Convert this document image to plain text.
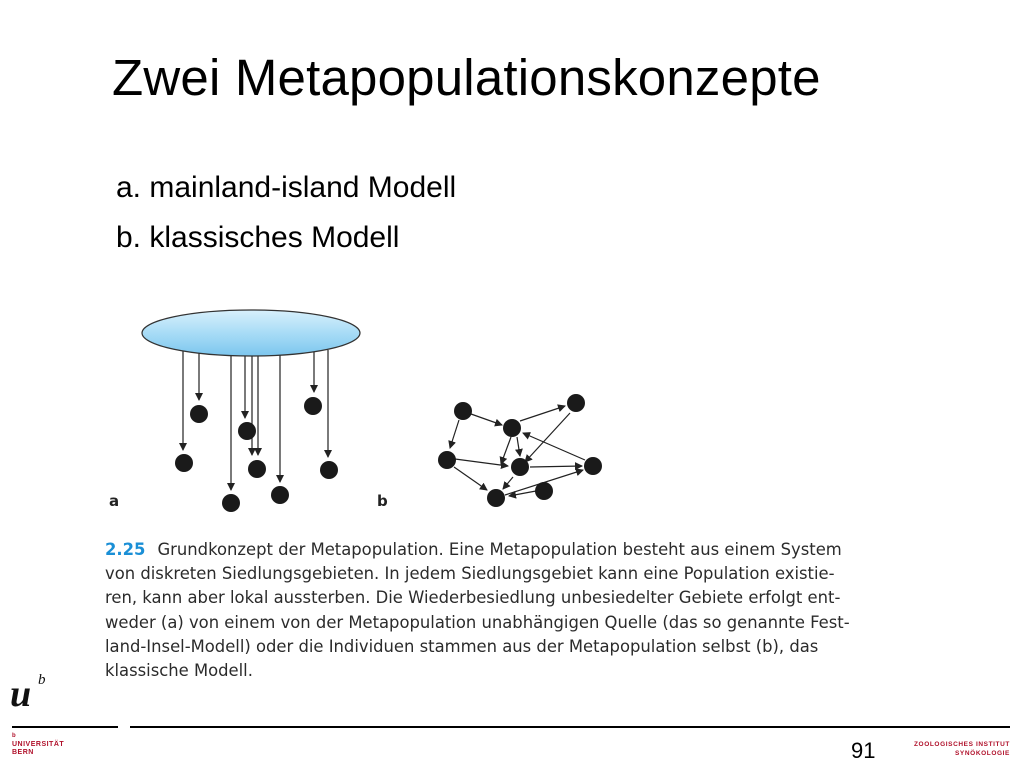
Zwei Metapopulationskonzepte
a. mainland-island Modell
b. klassisches Modell
a	b
2.25 Grundkonzept der Metapopulation. Eine Metapopulation besteht aus einem System
von diskreten Siedlungsgebieten. In jedem Siedlungsgebiet kann eine Population existie-
ren, kann aber lokal aussterben. Die Wiederbesiedlung unbesiedelter Gebiete erfolgt ent-
weder (a) von einem von der Metapopulation unabhängigen Quelle (das so genannte Fest-
land-Insel-Modell) oder die Individuen stammen aus der Metapopulation selbst (b), das
klassische Modell.
u b
b
UNIVERSITÄT
BERN	91	ZOOLOGISCHES INSTITUT
SYNÖKOLOGIE
